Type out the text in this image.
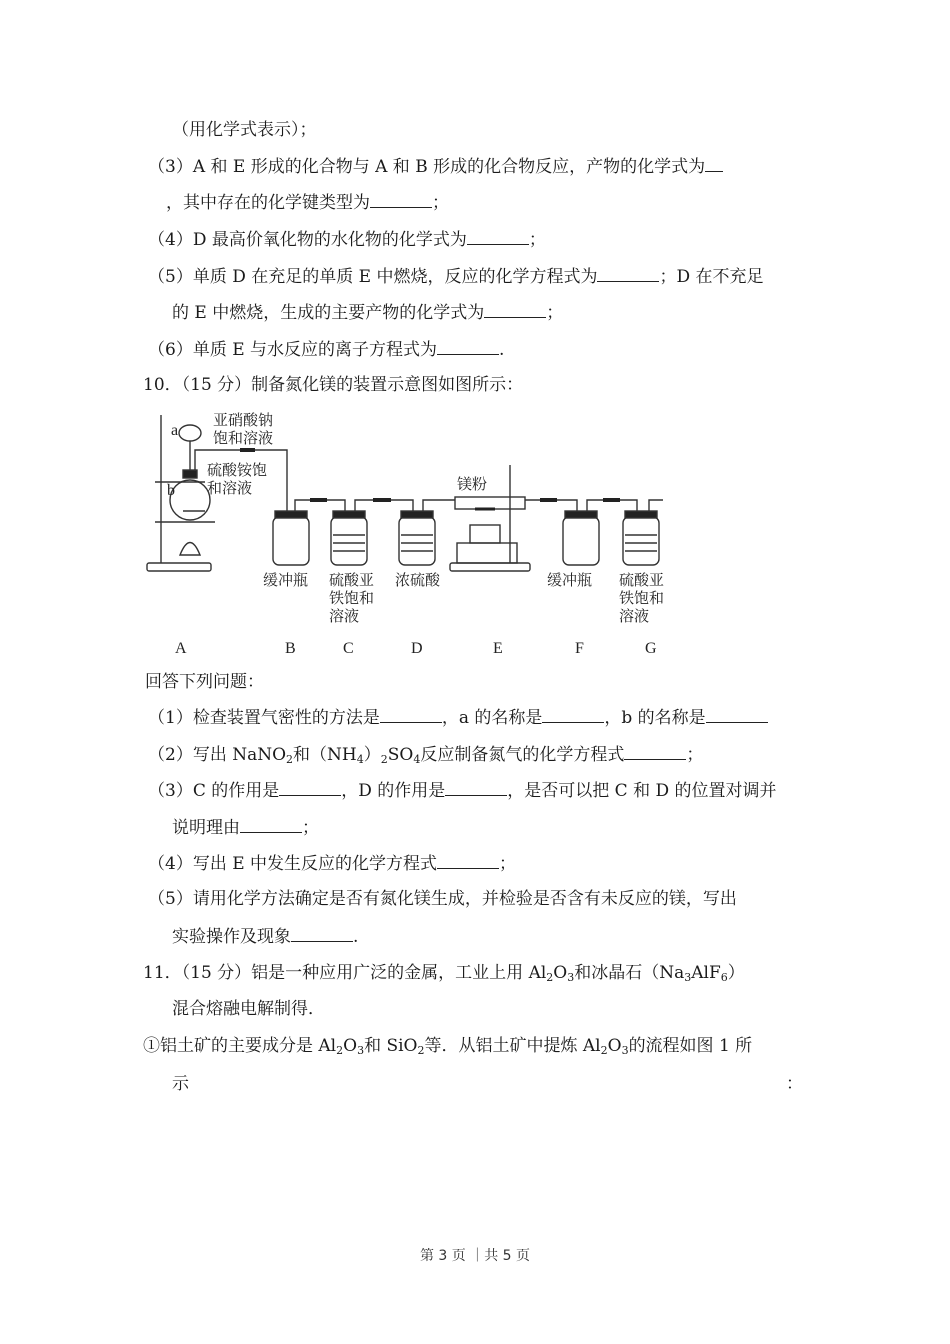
（用化学式表示）；
（3）A 和 E 形成的化合物与 A 和 B 形成的化合物反应，产物的化学式为
，其中存在的化学键类型为	；
（4）D 最高价氧化物的水化物的化学式为	；
（5）单质 D 在充足的单质 E 中燃烧，反应的化学方程式为	；D 在不充足
的 E 中燃烧，生成的主要产物的化学式为	；
（6）单质 E 与水反应的离子方程式为	.
10．（15 分）制备氮化镁的装置示意图如图所示：
a
b
亚硝酸钠
饱和溶液
硫酸铵饱
和溶液	镁粉
缓冲瓶 硫酸亚
铁饱和
溶液
浓硫酸	缓冲瓶 硫酸亚
铁饱和
溶液
A	B	C	D	E	F	G
回答下列问题：
（1）检查装置气密性的方法是	，a 的名称是	，b 的名称是
（2）写出 NaNO$_2$和$(NH_4)_2SO_4$反应制备氮气的化学方程式	；
（3）C 的作用是	，D 的作用是	，是否可以把 C 和 D 的位置对调并
说明理由	；
（4）写出 E 中发生反应的化学方程式	；
（5）请用化学方法确定是否有氮化镁生成，并检验是否含有未反应的镁，写出
实验操作及现象	.
11．（15 分）铝是一种应用广泛的金属，工业上用 $Al_2O_3$和冰晶石$(Na_3AlF_6)$
混合熔融电解制得．
①铝土矿的主要成分是 $Al_2O_3$和 SiO$_2$等．从铝土矿中提炼 $Al_2O_3$的流程如图 1 所
示	：
第 3 页 ｜共 5 页
